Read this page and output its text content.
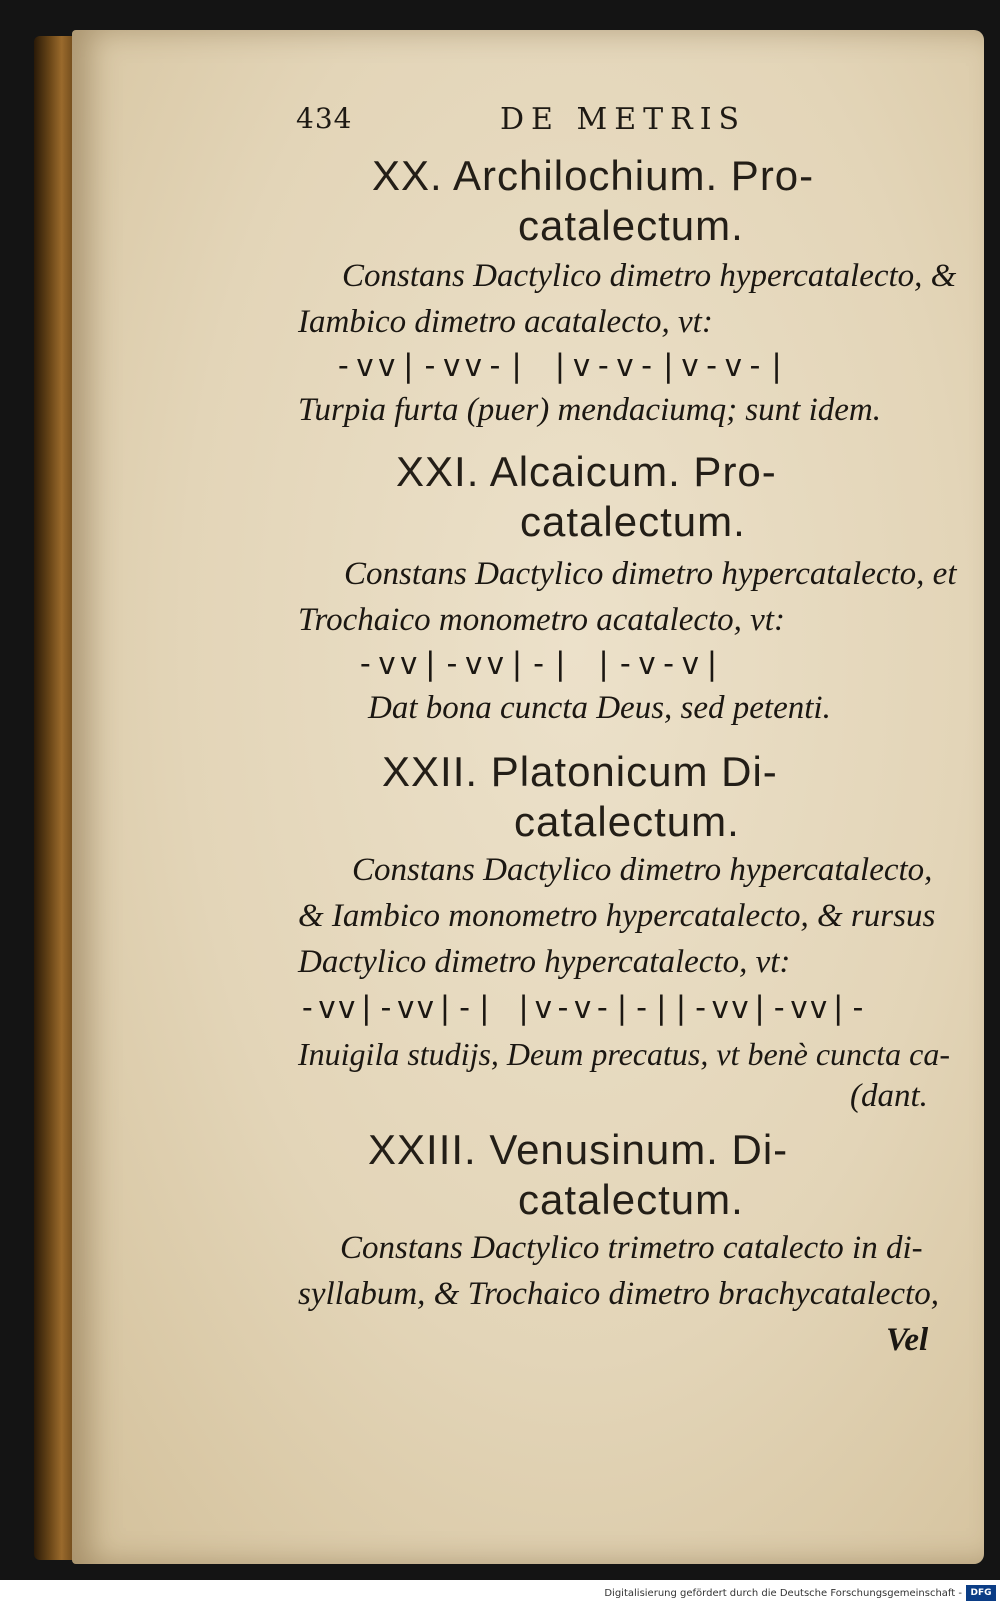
434	DE METRIS
XX. Archilochium. Pro-
catalectum.
Constans Dactylico dimetro hypercatalecto, &
Iambico dimetro acatalecto, vt:
-vv|-vv-| |v-v-|v-v-|
Turpia furta (puer) mendaciumq; sunt idem.
XXI. Alcaicum. Pro-
catalectum.
Constans Dactylico dimetro hypercatalecto, et
Trochaico monometro acatalecto, vt:
-vv|-vv|-| |-v-v|
Dat bona cuncta Deus, sed petenti.
XXII. Platonicum Di-
catalectum.
Constans Dactylico dimetro hypercatalecto,
& Iambico monometro hypercatalecto, & rursus
Dactylico dimetro hypercatalecto, vt:
-vv|-vv|-| |v-v-|-||-vv|-vv|-
Inuigila studijs, Deum precatus, vt benè cuncta ca-
(dant.
XXIII. Venusinum. Di-
catalectum.
Constans Dactylico trimetro catalecto in di-
syllabum, & Trochaico dimetro brachycatalecto,
Vel
Digitalisierung gefördert durch die Deutsche Forschungsgemeinschaft - DFG
